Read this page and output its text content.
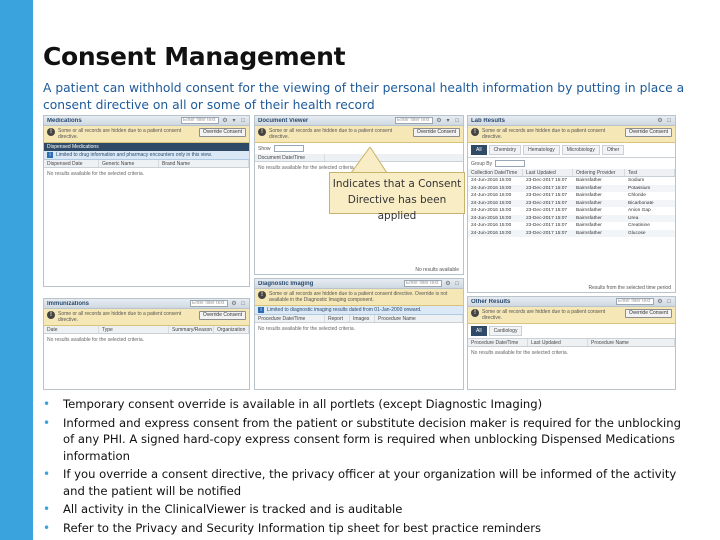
Consent Management

A patient can withhold consent for the viewing of their personal health information by putting in place a consent directive on all or some of their health record

Medications	Enter filter text	⚙ ▾ □
!	Some or all records are hidden due to a patient consent directive.
Override Consent
Dispensed Medications
i	Limited to drug information and pharmacy encounters only in this view.
Dispensed Date	Generic Name	Brand Name
No results available for the selected criteria.
Document Viewer	Enter filter text	⚙ ▾ □
!	Some or all records are hidden due to a patient consent directive.
Override Consent
Show
Document Date/Time
No results available for the selected criteria.
No results available
Lab Results	⚙ □
!	Some or all records are hidden due to a patient consent directive.
Override Consent
All	Chemistry	Hematology	Microbiology	Other
Group By
Collection Date/Time	Last Updated	Ordering Provider	Test
24-Jun-2016 15:00	23-Dec-2017 15:07	Bairnsfather	Sodium
24-Jun-2016 15:00	23-Dec-2017 15:07	Bairnsfather	Potassium
24-Jun-2016 15:00	23-Dec-2017 15:07	Bairnsfather	Chloride
24-Jun-2016 15:00	23-Dec-2017 15:07	Bairnsfather	Bicarbonate
24-Jun-2016 15:00	23-Dec-2017 15:07	Bairnsfather	Anion Gap
24-Jun-2016 15:00	23-Dec-2017 15:07	Bairnsfather	Urea
24-Jun-2016 15:00	23-Dec-2017 15:07	Bairnsfather	Creatinine
24-Jun-2016 15:00	23-Dec-2017 15:07	Bairnsfather	Glucose
Results from the selected time period
Immunizations	Enter filter text	⚙ □
!	Some or all records are hidden due to a patient consent directive.
Override Consent
Date	Type	Summary/Reason Organization
No results available for the selected criteria.
Diagnostic Imaging	Enter filter text	⚙ □
!	Some or all records are hidden due to a patient consent directive. Override is not available in the Diagnostic Imaging component.
i	Limited to diagnostic imaging results dated from 01-Jan-2000 onward.
Procedure Date/Time	Report	Images	Procedure Name
No results available for the selected criteria.
Other Results	Enter filter text	⚙ □
!	Some or all records are hidden due to a patient consent directive.
Override Consent
All	Cardiology
Procedure Date/Time	Last Updated	Procedure Name
No results available for the selected criteria.
Indicates that a Consent Directive has been applied
• Temporary consent override is available in all portlets (except Diagnostic Imaging)
• Informed and express consent from the patient or substitute decision maker is required for the unblocking of any PHI. A signed hard-copy express consent form is required when unblocking Dispensed Medications information
• If you override a consent directive, the privacy officer at your organization will be informed of the activity and the patient will be notified
• All activity in the ClinicalViewer is tracked and is auditable
• Refer to the Privacy and Security Information tip sheet for best practice reminders
